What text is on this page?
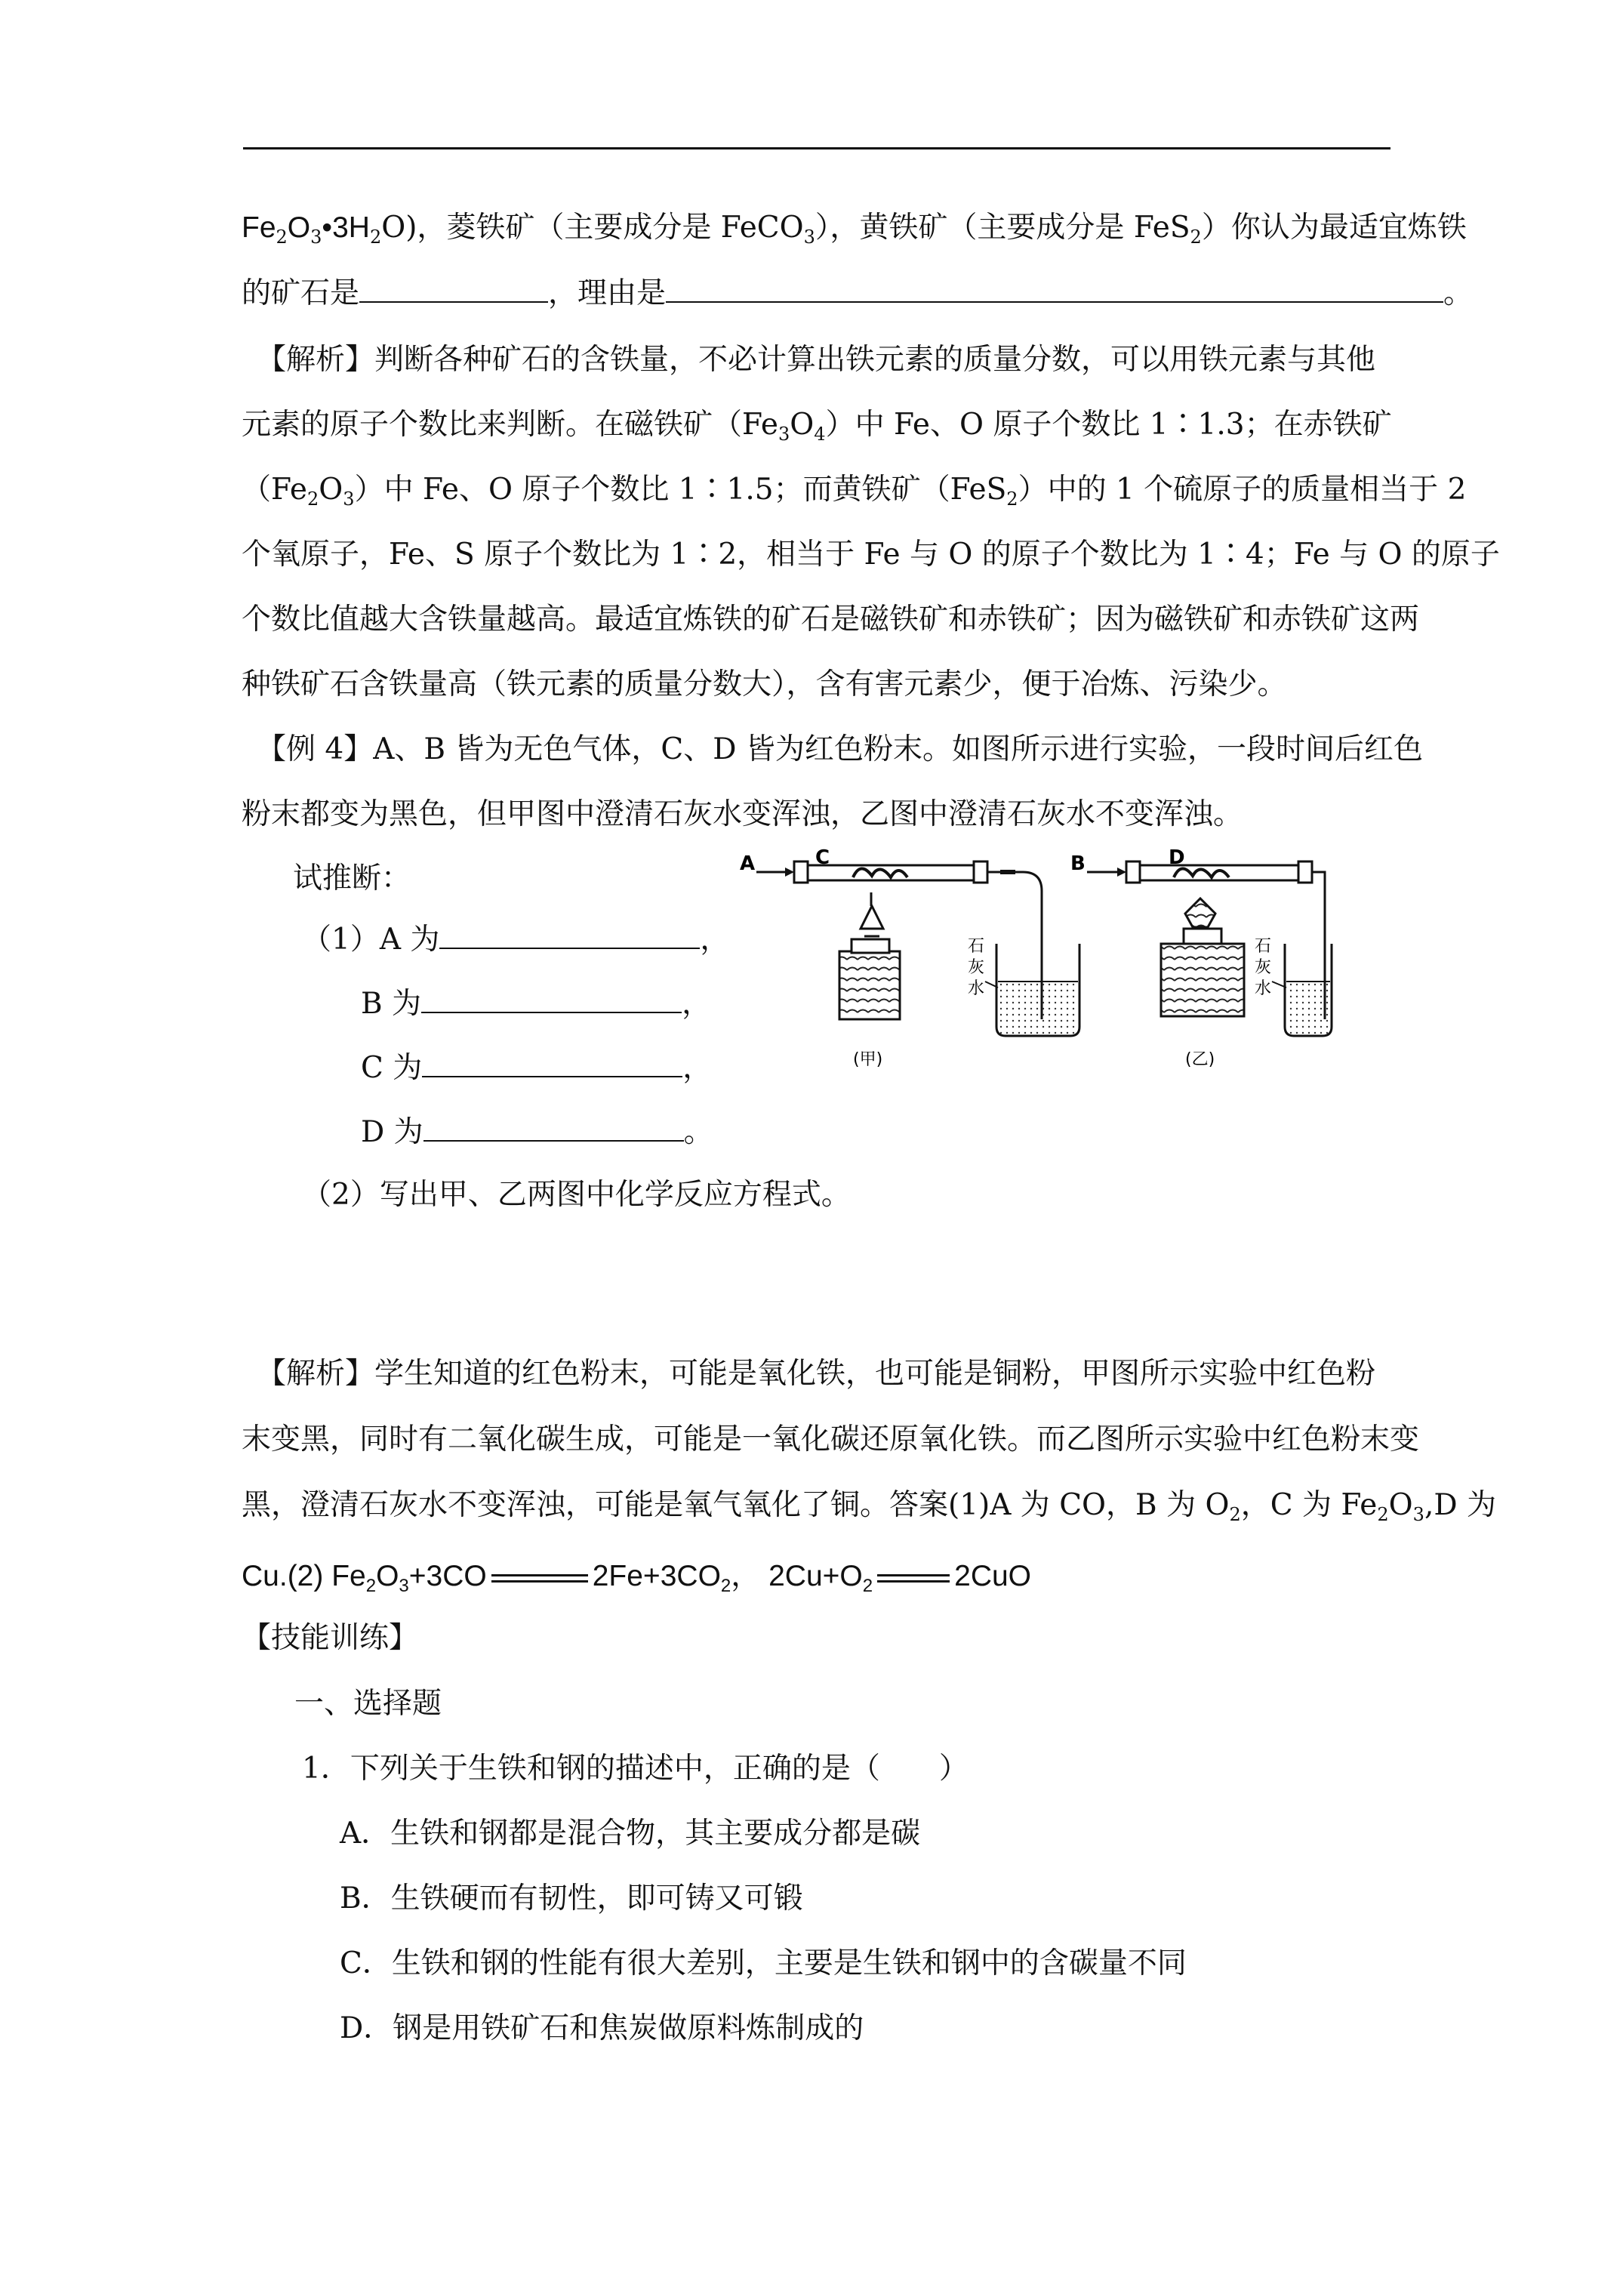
$Fe_2O_3•3H_2O$)，菱铁矿（主要成分是 FeCO$_3$），黄铁矿（主要成分是 FeS$_2$）你认为最适宜炼铁
的矿石是	，理由是	。
【解析】判断各种矿石的含铁量，不必计算出铁元素的质量分数，可以用铁元素与其他
元素的原子个数比来判断。在磁铁矿$(Fe_3O_4)$中 Fe、O 原子个数比 1∶1.3；在赤铁矿
$(Fe_2O_3)$中 Fe、O 原子个数比 1∶1.5；而黄铁矿（FeS$_2$）中的 1 个硫原子的质量相当于 2
个氧原子，Fe、S 原子个数比为 1∶2，相当于 Fe 与 O 的原子个数比为 1∶4；Fe 与 O 的原子
个数比值越大含铁量越高。最适宜炼铁的矿石是磁铁矿和赤铁矿；因为磁铁矿和赤铁矿这两
种铁矿石含铁量高（铁元素的质量分数大），含有害元素少，便于冶炼、污染少。
【例 4】A、B 皆为无色气体，C、D 皆为红色粉末。如图所示进行实验，一段时间后红色
粉末都变为黑色，但甲图中澄清石灰水变浑浊，乙图中澄清石灰水不变浑浊。
试推断：
（1）A 为	，
B 为	，
C 为	，
D 为	。
（2）写出甲、乙两图中化学反应方程式。
A	C
石
灰
水
(甲)
B	D
石
灰
水
(乙)
【解析】学生知道的红色粉末，可能是氧化铁，也可能是铜粉，甲图所示实验中红色粉
末变黑，同时有二氧化碳生成，可能是一氧化碳还原氧化铁。而乙图所示实验中红色粉末变
黑，澄清石灰水不变浑浊，可能是氧气氧化了铜。答案(1)A 为 CO，B 为 $O_2$，C 为 $Fe_2O_3,D$ 为
Cu.(2) $Fe_2O_3+3CO$	$2Fe+3CO_2$， $2Cu+O_2$	2CuO
【技能训练】
一、选择题
1．下列关于生铁和钢的描述中，正确的是（　　）
A．生铁和钢都是混合物，其主要成分都是碳
B．生铁硬而有韧性，即可铸又可锻
C．生铁和钢的性能有很大差别，主要是生铁和钢中的含碳量不同
D．钢是用铁矿石和焦炭做原料炼制成的
